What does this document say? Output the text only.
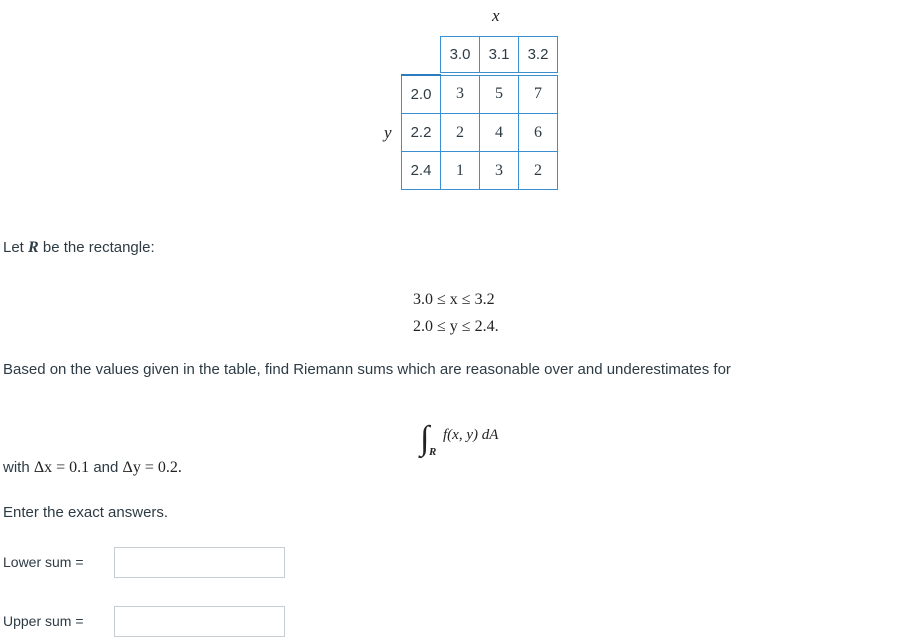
x
3.0	3.1	3.2
y
2.0	3	5	7
2.2	2	4	6
2.4	1	3	2
Let R be the rectangle:
3.0 ≤ x ≤ 3.2
2.0 ≤ y ≤ 2.4.
Based on the values given in the table, find Riemann sums which are reasonable over and underestimates for
∫ R
f(x, y) dA
with Δx = 0.1 and Δy = 0.2.
Enter the exact answers.
Lower sum =
Upper sum =
